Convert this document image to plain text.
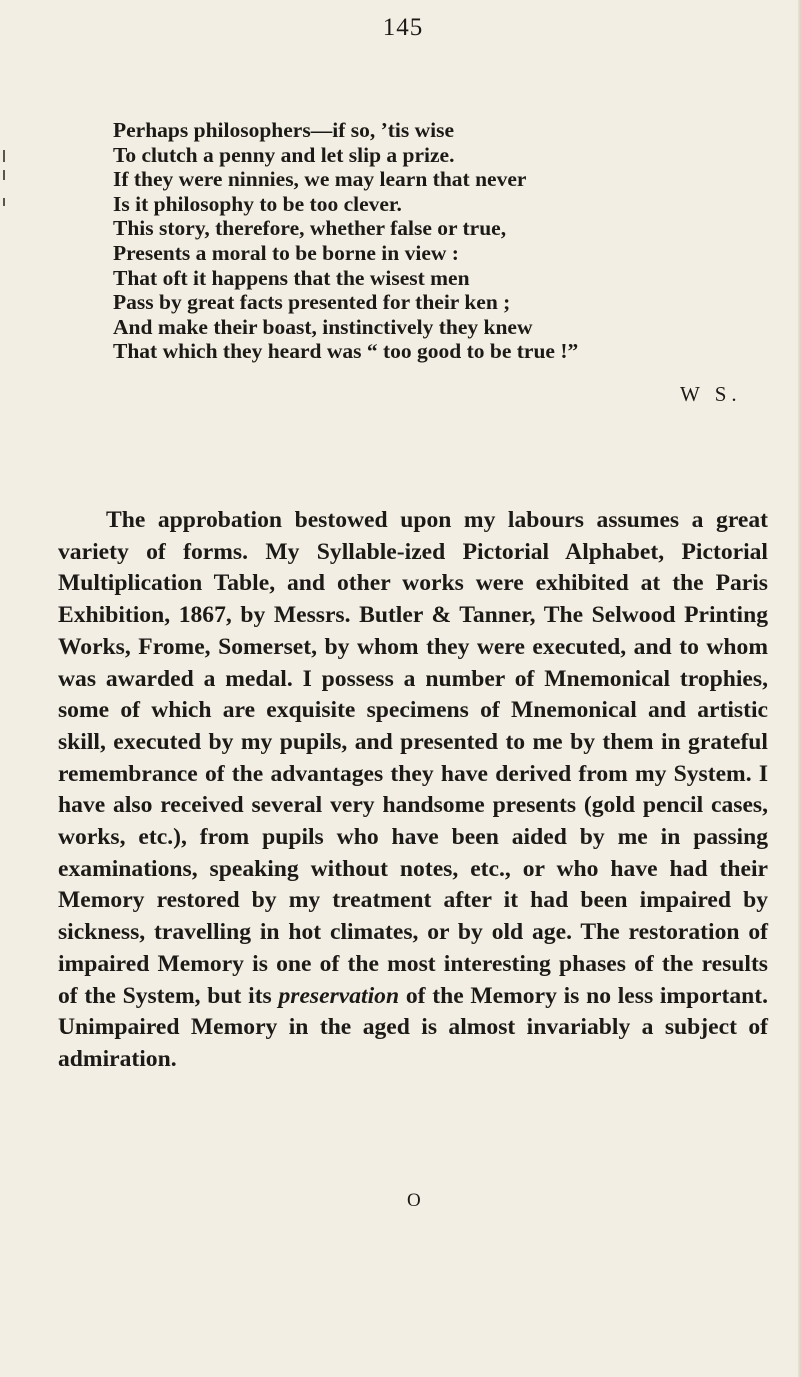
145
Perhaps philosophers—if so, ’tis wise
To clutch a penny and let slip a prize.
If they were ninnies, we may learn that never
Is it philosophy to be too clever.
This story, therefore, whether false or true,
Presents a moral to be borne in view :
That oft it happens that the wisest men
Pass by great facts presented for their ken ;
And make their boast, instinctively they knew
That which they heard was “ too good to be true !”
W S.

The approbation bestowed upon my labours assumes a great variety of forms. My Syllable-ized Pictorial Alphabet, Pictorial Multiplication Table, and other works were exhibited at the Paris Exhibition, 1867, by Messrs. Butler & Tanner, The Selwood Printing Works, Frome, Somerset, by whom they were executed, and to whom was awarded a medal. I possess a number of Mnemonical trophies, some of which are exquisite specimens of Mnemonical and artistic skill, executed by my pupils, and presented to me by them in grateful remembrance of the advantages they have derived from my System. I have also received several very handsome presents (gold pencil cases, works, etc.), from pupils who have been aided by me in passing examinations, speaking without notes, etc., or who have had their Memory restored by my treatment after it had been impaired by sickness, travelling in hot climates, or by old age. The restoration of impaired Memory is one of the most interesting phases of the results of the System, but its preservation of the Memory is no less important. Unimpaired Memory in the aged is almost invariably a subject of admiration.

O
